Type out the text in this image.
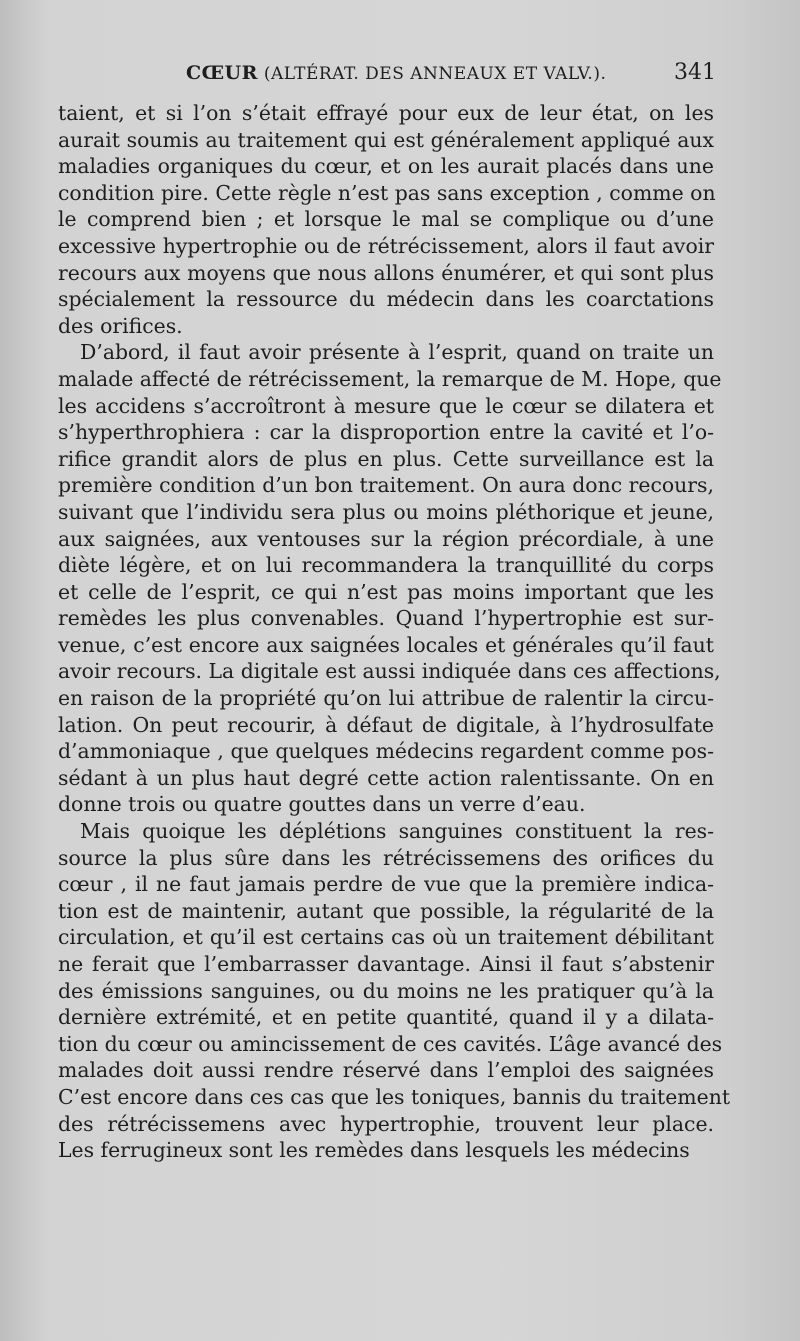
CŒUR (ALTÉRAT. DES ANNEAUX ET VALV.).	341
taient, et si l’on s’était effrayé pour eux de leur état, on les
aurait soumis au traitement qui est généralement appliqué aux
maladies organiques du cœur, et on les aurait placés dans une
condition pire. Cette règle n’est pas sans exception , comme on
le comprend bien ; et lorsque le mal se complique ou d’une
excessive hypertrophie ou de rétrécissement, alors il faut avoir
recours aux moyens que nous allons énumérer, et qui sont plus
spécialement la ressource du médecin dans les coarctations
des orifices.
D’abord, il faut avoir présente à l’esprit, quand on traite un
malade affecté de rétrécissement, la remarque de M. Hope, que
les accidens s’accroîtront à mesure que le cœur se dilatera et
s’hyperthrophiera : car la disproportion entre la cavité et l’o-
rifice grandit alors de plus en plus. Cette surveillance est la
première condition d’un bon traitement. On aura donc recours,
suivant que l’individu sera plus ou moins pléthorique et jeune,
aux saignées, aux ventouses sur la région précordiale, à une
diète légère, et on lui recommandera la tranquillité du corps
et celle de l’esprit, ce qui n’est pas moins important que les
remèdes les plus convenables. Quand l’hypertrophie est sur-
venue, c’est encore aux saignées locales et générales qu’il faut
avoir recours. La digitale est aussi indiquée dans ces affections,
en raison de la propriété qu’on lui attribue de ralentir la circu-
lation. On peut recourir, à défaut de digitale, à l’hydrosulfate
d’ammoniaque , que quelques médecins regardent comme pos-
sédant à un plus haut degré cette action ralentissante. On en
donne trois ou quatre gouttes dans un verre d’eau.
Mais quoique les déplétions sanguines constituent la res-
source la plus sûre dans les rétrécissemens des orifices du
cœur , il ne faut jamais perdre de vue que la première indica-
tion est de maintenir, autant que possible, la régularité de la
circulation, et qu’il est certains cas où un traitement débilitant
ne ferait que l’embarrasser davantage. Ainsi il faut s’abstenir
des émissions sanguines, ou du moins ne les pratiquer qu’à la
dernière extrémité, et en petite quantité, quand il y a dilata-
tion du cœur ou amincissement de ces cavités. L’âge avancé des
malades doit aussi rendre réservé dans l’emploi des saignées
C’est encore dans ces cas que les toniques, bannis du traitement
des rétrécissemens avec hypertrophie, trouvent leur place.
Les ferrugineux sont les remèdes dans lesquels les médecins
